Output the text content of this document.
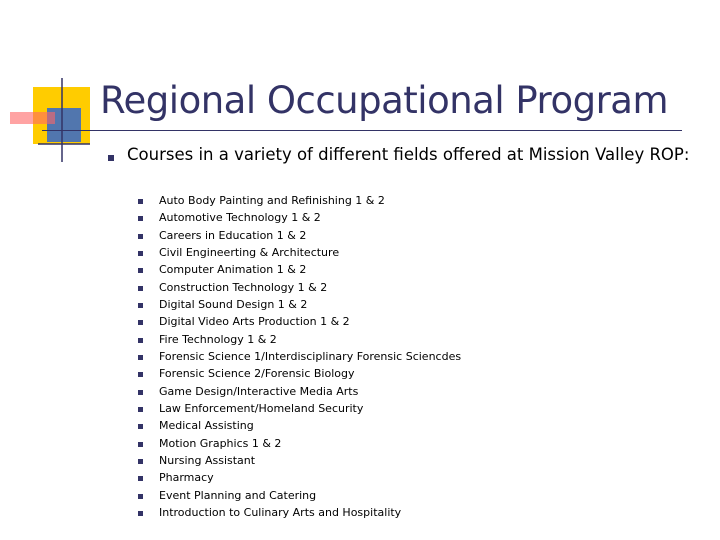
Regional Occupational Program
Courses in a variety of different fields offered at Mission Valley ROP:
Auto Body Painting and Refinishing 1 & 2
Automotive Technology 1 & 2
Careers in Education 1 & 2
Civil Engineerting & Architecture
Computer Animation 1 & 2
Construction Technology 1 & 2
Digital Sound Design 1 & 2
Digital Video Arts Production 1 & 2
Fire Technology 1 & 2
Forensic Science 1/Interdisciplinary Forensic Sciencdes
Forensic Science 2/Forensic Biology
Game Design/Interactive Media Arts
Law Enforcement/Homeland Security
Medical Assisting
Motion Graphics 1 & 2
Nursing Assistant
Pharmacy
Event Planning and Catering
Introduction to Culinary Arts and Hospitality
